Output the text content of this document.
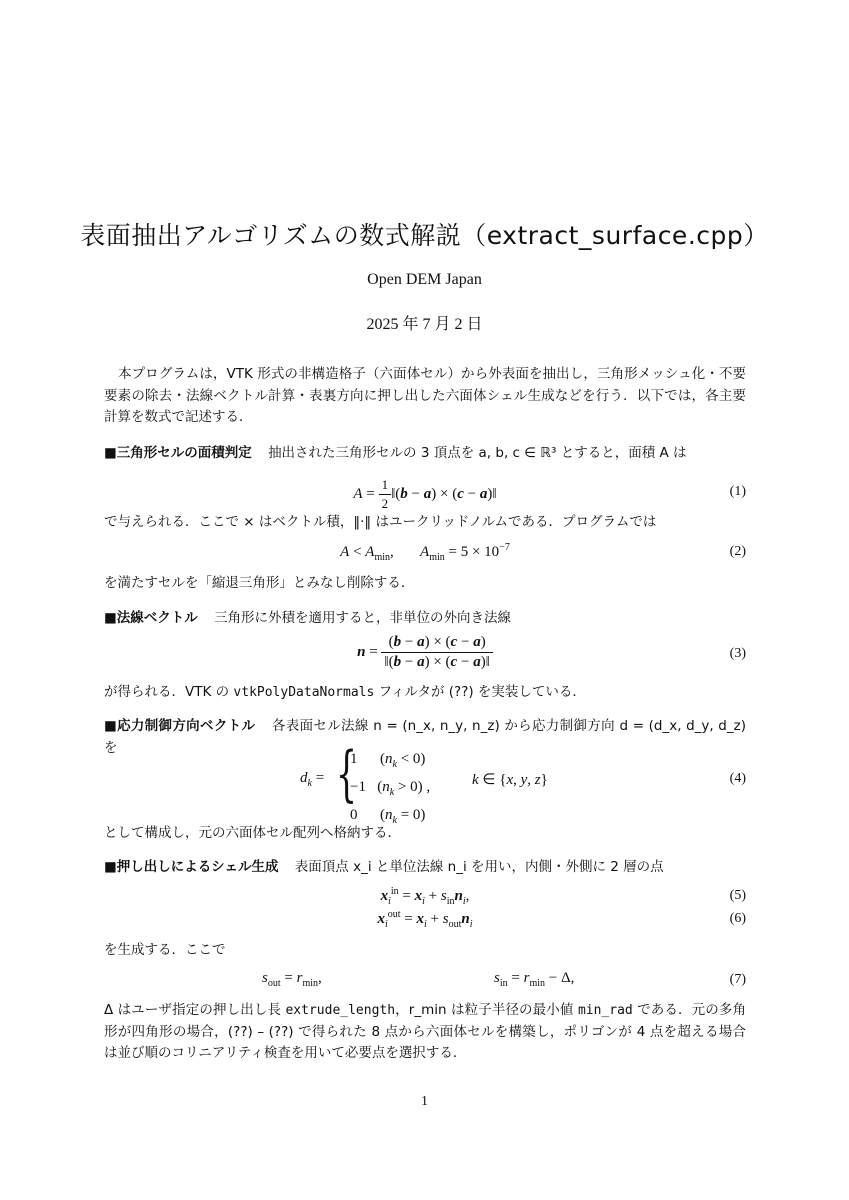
表面抽出アルゴリズムの数式解説（extract_surface.cpp）
Open DEM Japan
2025 年 7 月 2 日
本プログラムは，VTK 形式の非構造格子（六面体セル）から外表面を抽出し，三角形メッシュ化・不要要素の除去・法線ベクトル計算・表裏方向に押し出した六面体シェル生成などを行う．以下では，各主要計算を数式で記述する．
■三角形セルの面積判定 抽出された三角形セルの 3 頂点を a, b, c ∈ ℝ³ とすると，面積 A は
$A = \frac{1}{2}$ ‖(b − a) × (c − a)‖	(1)
で与えられる．ここで × はベクトル積，‖·‖ はユークリッドノルムである．プログラムでは
$A < A_{min}$,       $A_{min} = 5 \times 10^{-7}$	(2)
を満たすセルを「縮退三角形」とみなし削除する．
■法線ベクトル 三角形に外積を適用すると，非単位の外向き法線
$n = \frac{(b - a) \times (c - a)}{‖(b - a) \times (c - a)‖}$	(3)
が得られる．VTK の vtkPolyDataNormals フィルタが (??) を実装している．
■応力制御方向ベクトル 各表面セル法線 n = (n_x, n_y, n_z) から応力制御方向 d = (d_x, d_y, d_z) を
$d_k$ = {
1      $(n_k < 0)$
−1   $(n_k > 0)$ ,
0      $(n_k = 0)$
k ∈ {x, y, z}	(4)
として構成し，元の六面体セル配列へ格納する．
■押し出しによるシェル生成 表面頂点 x_i と単位法線 n_i を用い，内側・外側に 2 層の点
$x_i^{in} = x_i + s_{in}n_i$,	(5)
$x_i^{out} = x_i + s_{out}n_i$	(6)
を生成する．ここで
$s_{out} = r_{min}$,	$s_{in} = r_{min} - \Delta$,	(7)
Δ はユーザ指定の押し出し長 extrude_length，r_min は粒子半径の最小値 min_rad である．元の多角形が四角形の場合，(??) – (??) で得られた 8 点から六面体セルを構築し，ポリゴンが 4 点を超える場合は並び順のコリニアリティ検査を用いて必要点を選択する．
1
